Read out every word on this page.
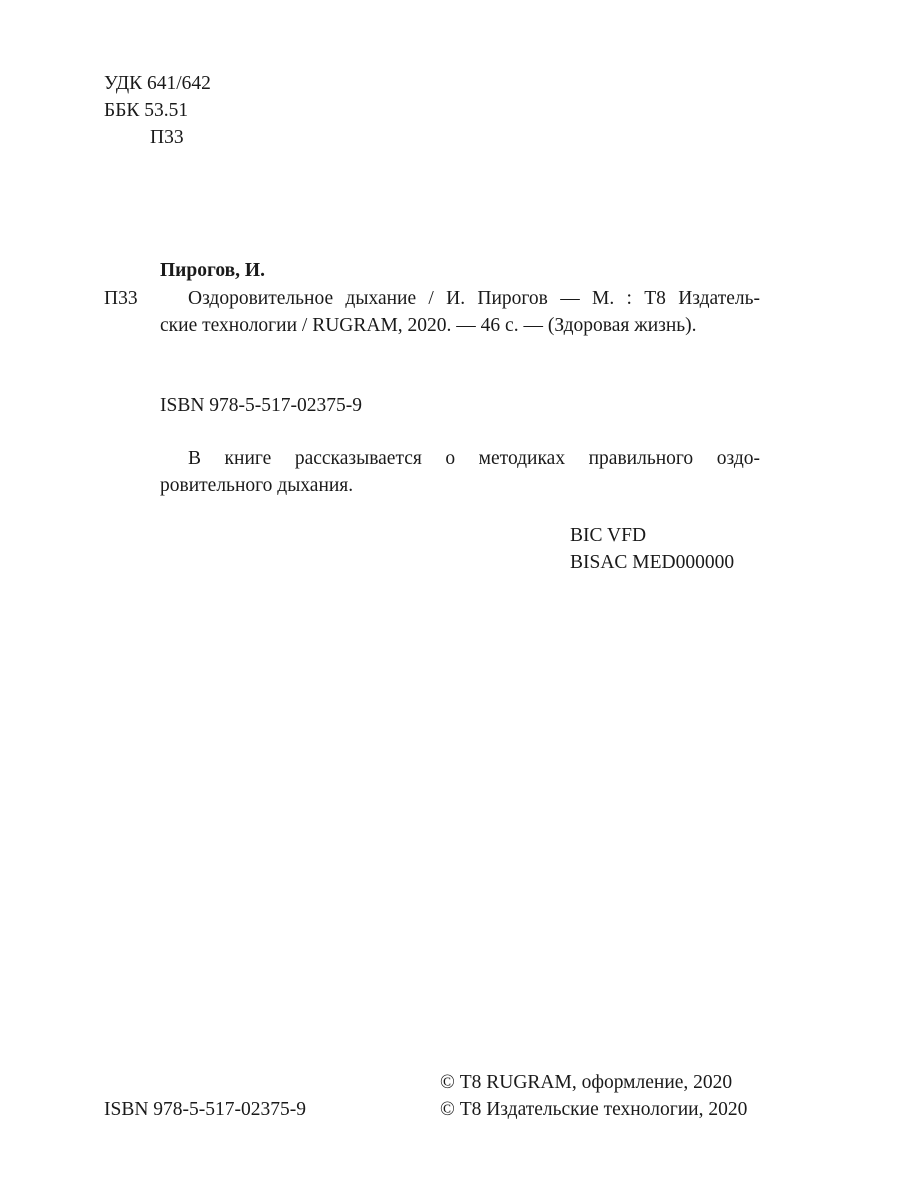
УДК 641/642
ББК 53.51
П33
Пирогов, И.
П33	Оздоровительное дыхание / И. Пирогов — М. : Т8 Издатель-
ские технологии / RUGRAM, 2020. — 46 с. — (Здоровая жизнь).
ISBN 978-5-517-02375-9
В книге рассказывается о методиках правильного оздо-
ровительного дыхания.
BIC VFD
BISAC MED000000
© Т8 RUGRAM, оформление, 2020
© Т8 Издательские технологии, 2020
ISBN 978-5-517-02375-9
